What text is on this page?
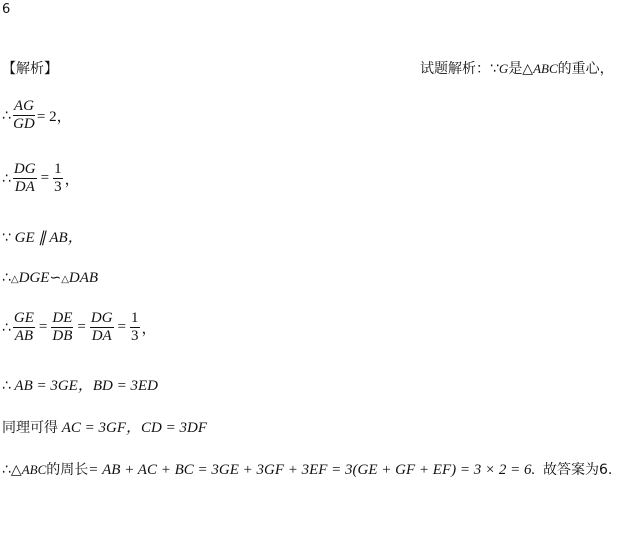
6
【解析】	试题解析：∵G是△ABC的重心，
∴ $\frac{AG}{GD} = 2$，
∴ $\frac{DG}{DA} = \frac{1}{3}$ ，
∵ GE ∥ AB，
∴△DGE∽△DAB
∴ $\frac{GE}{AB} = \frac{DE}{DB} = \frac{DG}{DA} = \frac{1}{3}$ ，
∴ AB = 3GE，BD = 3ED
同理可得 AC = 3GF，CD = 3DF
∴△ABC的周长= AB + AC + BC = 3GE + 3GF + 3EF = 3(GE + GF + EF) = 3 × 2 = 6. 故答案为6.
